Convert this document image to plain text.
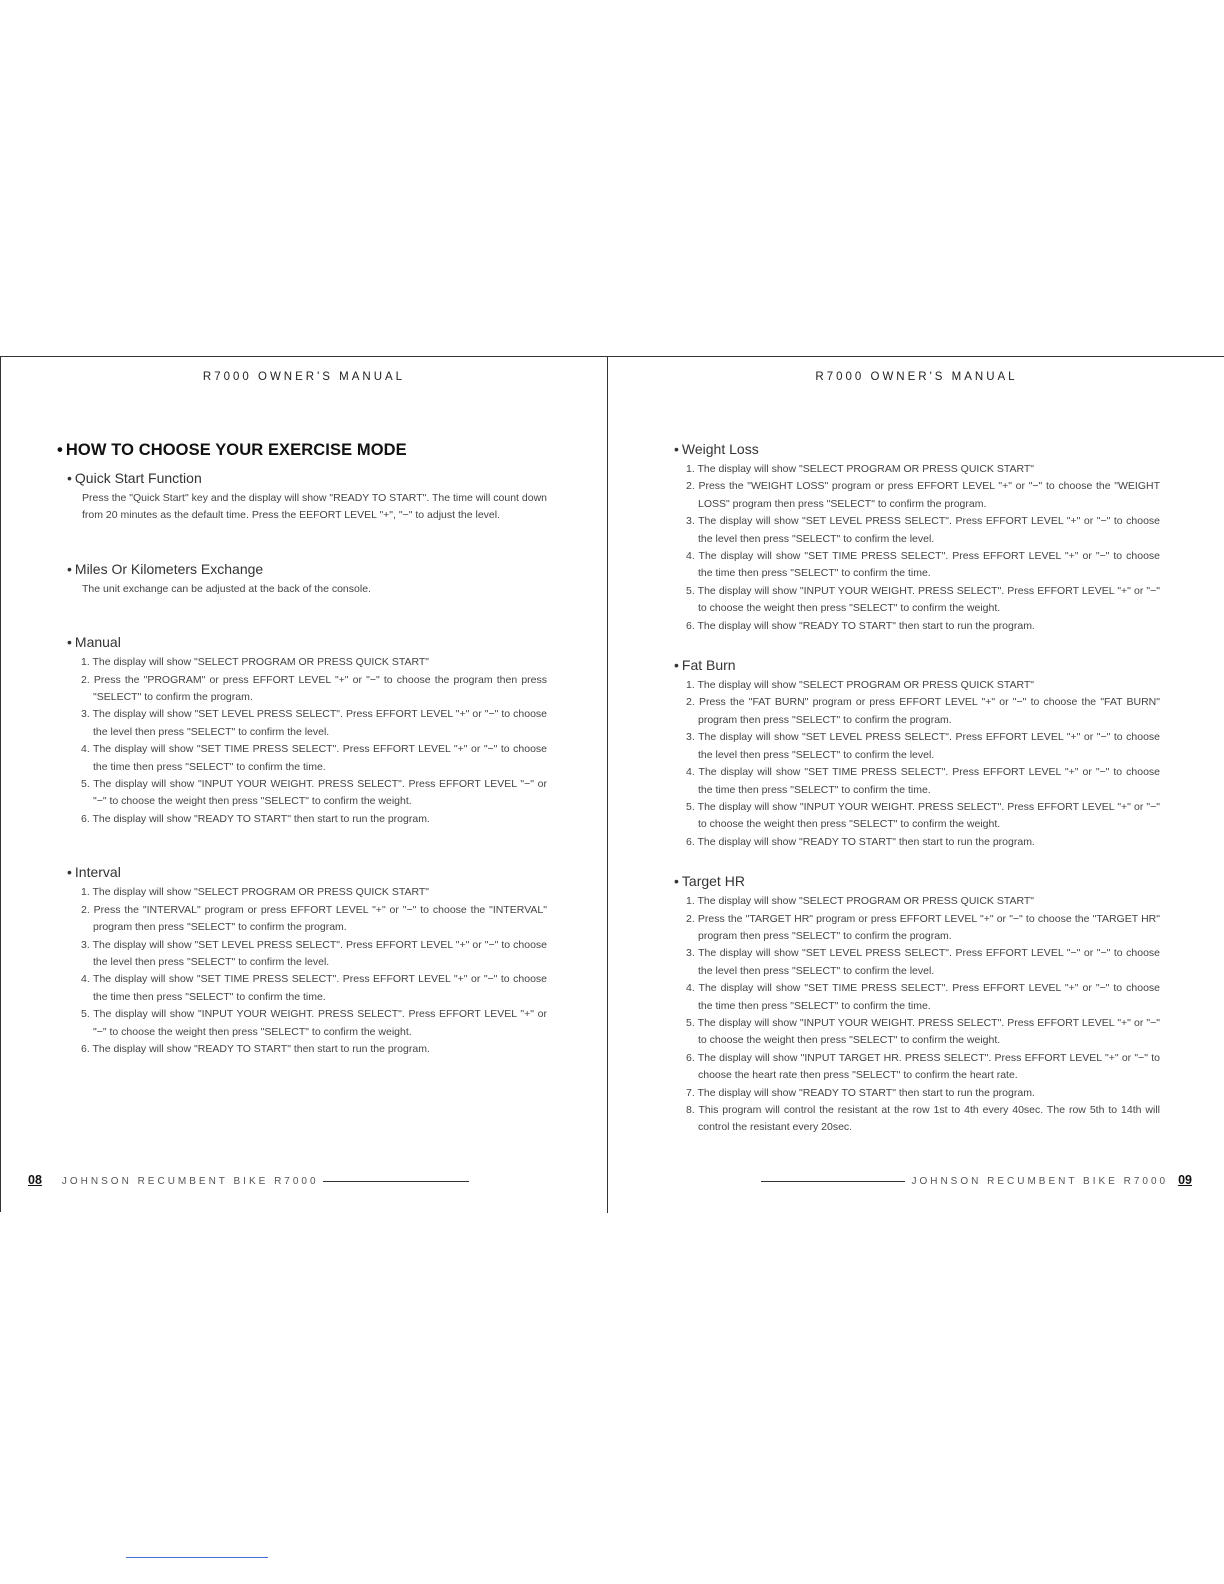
R7000 OWNER'S MANUAL
• HOW TO CHOOSE YOUR EXERCISE MODE
• Quick Start Function
Press the "Quick Start" key and the display will show "READY TO START". The time will count down from 20 minutes as the default time. Press the EEFORT LEVEL "+", "−" to adjust the level.
• Miles Or Kilometers Exchange
The unit exchange can be adjusted at the back of the console.
• Manual
1. The display will show "SELECT PROGRAM OR PRESS QUICK START"
2. Press the "PROGRAM" or press EFFORT LEVEL "+" or "−" to choose the program then press "SELECT" to confirm the program.
3. The display will show "SET LEVEL PRESS SELECT". Press EFFORT LEVEL "+" or "−" to choose the level then press "SELECT" to confirm the level.
4. The display will show "SET TIME PRESS SELECT". Press EFFORT LEVEL "+" or "−" to choose the time then press "SELECT" to confirm the time.
5. The display will show "INPUT YOUR WEIGHT. PRESS SELECT". Press EFFORT LEVEL "−" or "−" to choose the weight then press "SELECT" to confirm the weight.
6. The display will show "READY TO START" then start to run the program.
• Interval
1. The display will show "SELECT PROGRAM OR PRESS QUICK START"
2. Press the "INTERVAL" program or press EFFORT LEVEL "+" or "−" to choose the "INTERVAL" program then press "SELECT" to confirm the program.
3. The display will show "SET LEVEL PRESS SELECT". Press EFFORT LEVEL "+" or "−" to choose the level then press "SELECT" to confirm the level.
4. The display will show "SET TIME PRESS SELECT". Press EFFORT LEVEL "+" or "−" to choose the time then press "SELECT" to confirm the time.
5. The display will show "INPUT YOUR WEIGHT. PRESS SELECT". Press EFFORT LEVEL "+" or "−" to choose the weight then press "SELECT" to confirm the weight.
6. The display will show "READY TO START" then start to run the program.
08 JOHNSON RECUMBENT BIKE R7000
R7000 OWNER'S MANUAL
• Weight Loss
1. The display will show "SELECT PROGRAM OR PRESS QUICK START"
2. Press the "WEIGHT LOSS" program or press EFFORT LEVEL "+" or "−" to choose the "WEIGHT LOSS" program then press "SELECT" to confirm the program.
3. The display will show "SET LEVEL PRESS SELECT". Press EFFORT LEVEL "+" or "−" to choose the level then press "SELECT" to confirm the level.
4. The display will show "SET TIME PRESS SELECT". Press EFFORT LEVEL "+" or "−" to choose the time then press "SELECT" to confirm the time.
5. The display will show "INPUT YOUR WEIGHT. PRESS SELECT". Press EFFORT LEVEL "+" or "−" to choose the weight then press "SELECT" to confirm the weight.
6. The display will show "READY TO START" then start to run the program.
• Fat Burn
1. The display will show "SELECT PROGRAM OR PRESS QUICK START"
2. Press the "FAT BURN" program or press EFFORT LEVEL "+" or "−" to choose the "FAT BURN" program then press "SELECT" to confirm the program.
3. The display will show "SET LEVEL PRESS SELECT". Press EFFORT LEVEL "+" or "−" to choose the level then press "SELECT" to confirm the level.
4. The display will show "SET TIME PRESS SELECT". Press EFFORT LEVEL "+" or "−" to choose the time then press "SELECT" to confirm the time.
5. The display will show "INPUT YOUR WEIGHT. PRESS SELECT". Press EFFORT LEVEL "+" or "−" to choose the weight then press "SELECT" to confirm the weight.
6. The display will show "READY TO START" then start to run the program.
• Target HR
1. The display will show "SELECT PROGRAM OR PRESS QUICK START"
2. Press the "TARGET HR" program or press EFFORT LEVEL "+" or "−" to choose the "TARGET HR" program then press "SELECT" to confirm the program.
3. The display will show "SET LEVEL PRESS SELECT". Press EFFORT LEVEL "−" or "−" to choose the level then press "SELECT" to confirm the level.
4. The display will show "SET TIME PRESS SELECT". Press EFFORT LEVEL "+" or "−" to choose the time then press "SELECT" to confirm the time.
5. The display will show "INPUT YOUR WEIGHT. PRESS SELECT". Press EFFORT LEVEL "+" or "−" to choose the weight then press "SELECT" to confirm the weight.
6. The display will show "INPUT TARGET HR. PRESS SELECT". Press EFFORT LEVEL "+" or "−" to choose the heart rate then press "SELECT" to confirm the heart rate.
7. The display will show "READY TO START" then start to run the program.
8. This program will control the resistant at the row 1st to 4th every 40sec. The row 5th to 14th will control the resistant every 20sec.
JOHNSON RECUMBENT BIKE R7000 09
